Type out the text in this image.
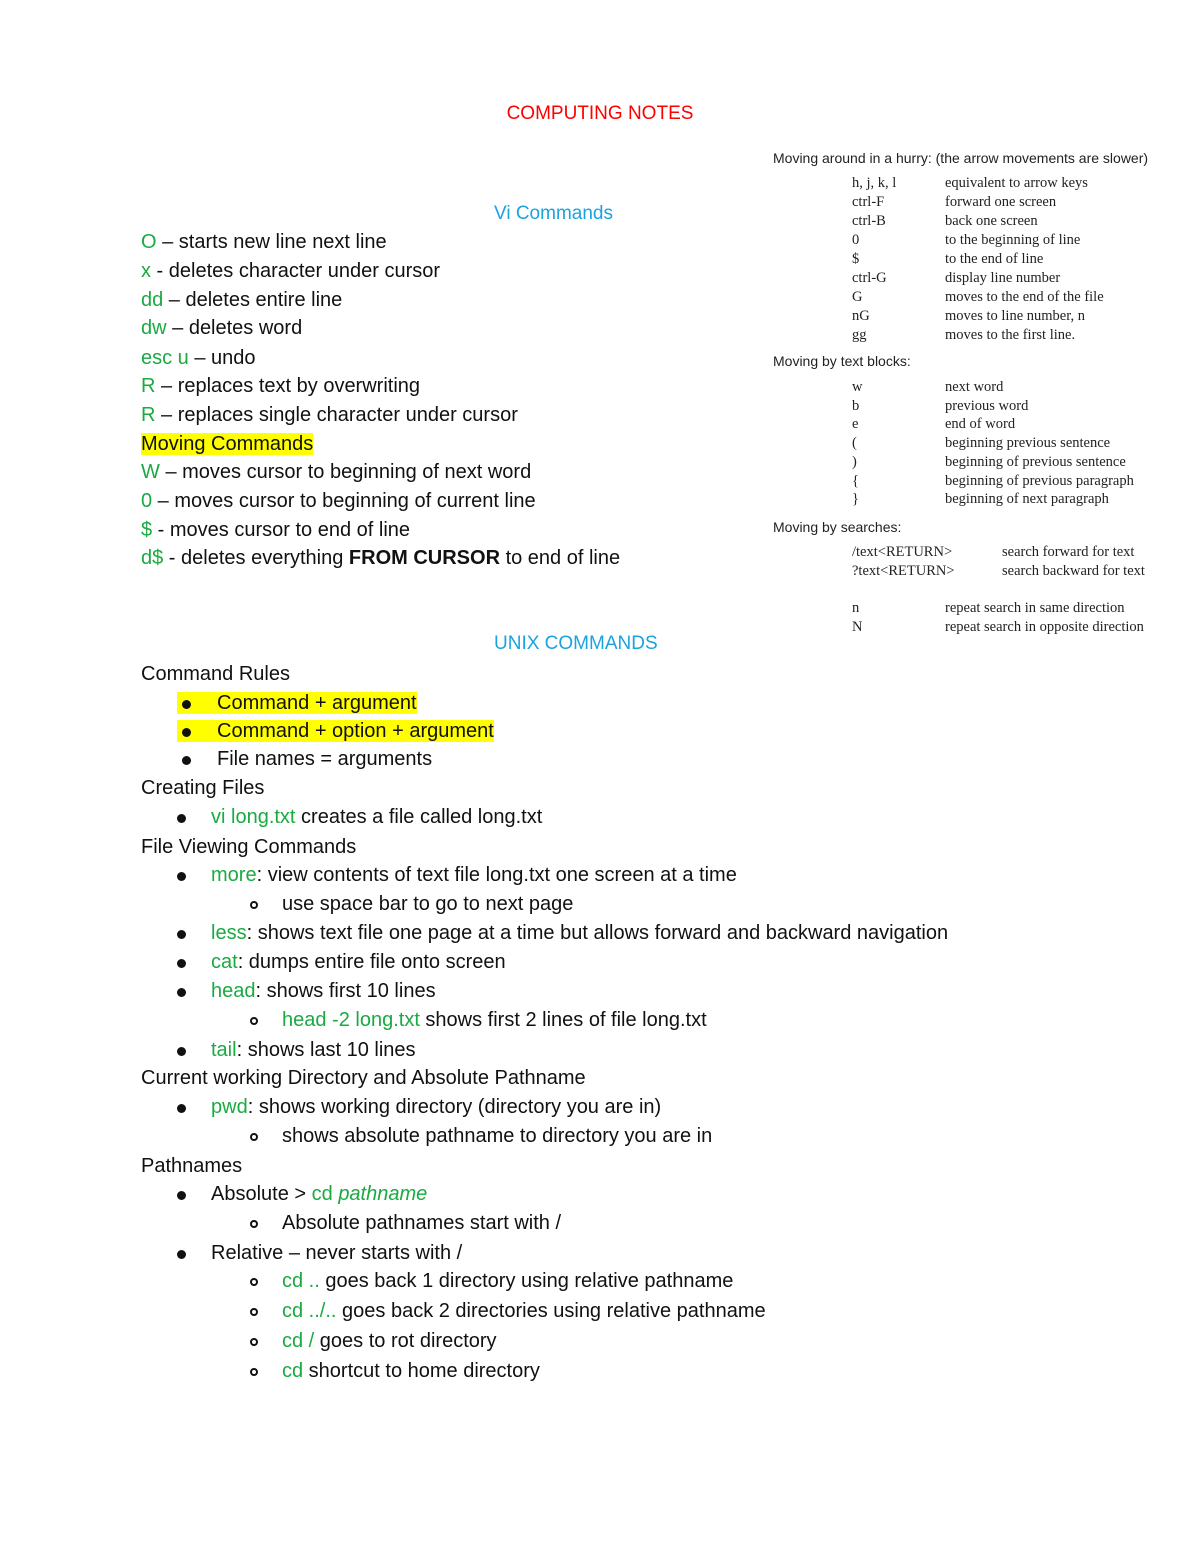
COMPUTING NOTES
Vi Commands
O – starts new line next line
x - deletes character under cursor
dd – deletes entire line
dw – deletes word
esc u – undo
R – replaces text by overwriting
R – replaces single character under cursor
Moving Commands
W – moves cursor to beginning of next word
0 – moves cursor to beginning of current line
$ - moves cursor to end of line
d$ - deletes everything FROM CURSOR to end of line
Moving around in a hurry: (the arrow movements are slower)
h, j, k, l	equivalent to arrow keys
ctrl-F	forward one screen
ctrl-B	back one screen
0	to the beginning of line
$	to the end of line
ctrl-G	display line number
G	moves to the end of the file
nG	moves to line number, n
gg	moves to the first line.
Moving by text blocks:
w	next word
b	previous word
e	end of word
(	beginning previous sentence
)	beginning of previous sentence
{	beginning of previous paragraph
}	beginning of next paragraph
Moving by searches:
/text<RETURN>	search forward for text
?text<RETURN>	search backward for text
n	repeat search in same direction
N	repeat search in opposite direction
UNIX COMMANDS
Command Rules
Command + argument
Command + option + argument
File names = arguments
Creating Files
vi long.txt creates a file called long.txt
File Viewing Commands
more: view contents of text file long.txt one screen at a time
use space bar to go to next page
less: shows text file one page at a time but allows forward and backward navigation
cat: dumps entire file onto screen
head: shows first 10 lines
head -2 long.txt shows first 2 lines of file long.txt
tail: shows last 10 lines
Current working Directory and Absolute Pathname
pwd: shows working directory (directory you are in)
shows absolute pathname to directory you are in
Pathnames
Absolute > cd pathname
Absolute pathnames start with /
Relative – never starts with /
cd .. goes back 1 directory using relative pathname
cd ../.. goes back 2 directories using relative pathname
cd / goes to rot directory
cd shortcut to home directory
